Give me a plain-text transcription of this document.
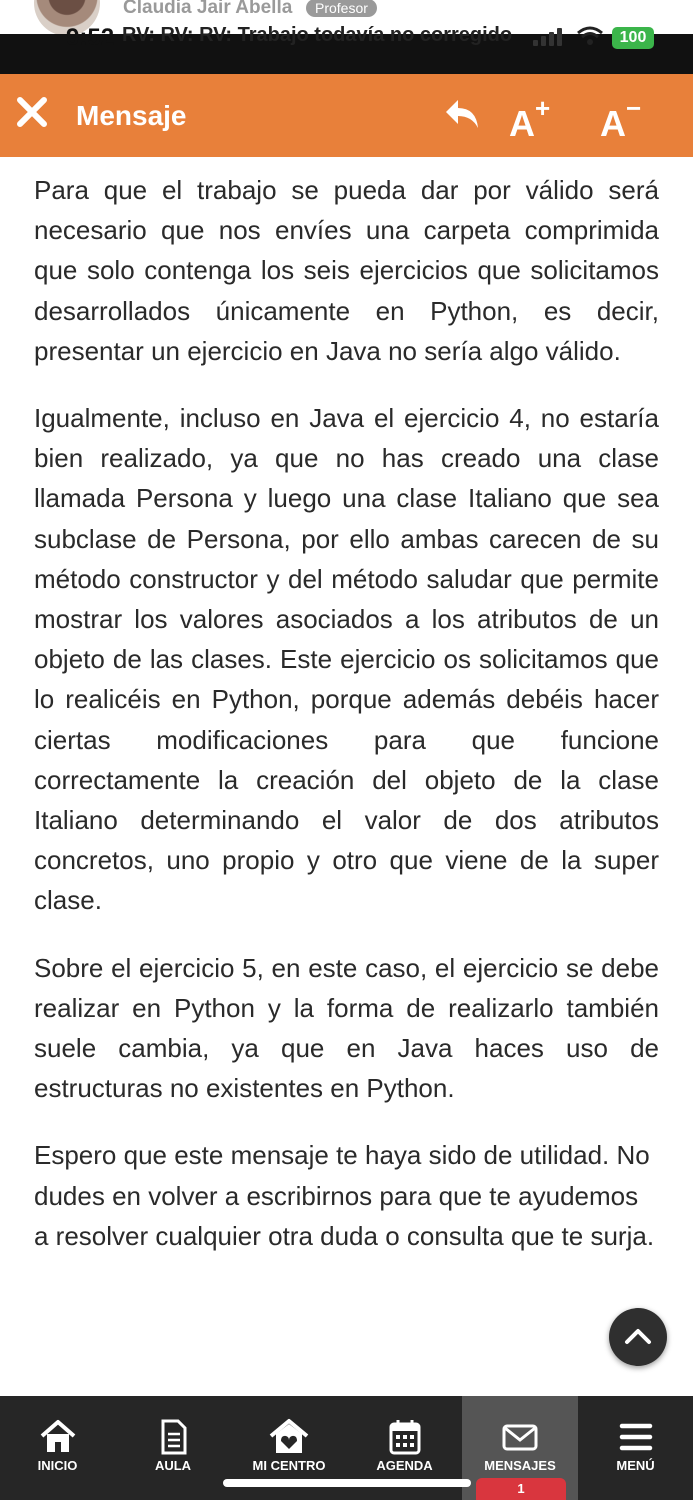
Claudia Jair Abella	Profesor
9:52 RV: RV: RV: Trabajo todavía no corregido	100
Mensaje	A+ A−

Para que el trabajo se pueda dar por válido será necesario que nos envíes una carpeta comprimida que solo contenga los seis ejercicios que solicitamos desarrollados únicamente en Python, es decir, presentar un ejercicio en Java no sería algo válido.

Igualmente, incluso en Java el ejercicio 4, no estaría bien realizado, ya que no has creado una clase llamada Persona y luego una clase Italiano que sea subclase de Persona, por ello ambas carecen de su método constructor y del método saludar que permite mostrar los valores asociados a los atributos de un objeto de las clases. Este ejercicio os solicitamos que lo realicéis en Python, porque además debéis hacer ciertas modificaciones para que funcione correctamente la creación del objeto de la clase Italiano determinando el valor de dos atributos concretos, uno propio y otro que viene de la super clase.

Sobre el ejercicio 5, en este caso, el ejercicio se debe realizar en Python y la forma de realizarlo también suele cambia, ya que en Java haces uso de estructuras no existentes en Python.

Espero que este mensaje te haya sido de utilidad. No dudes en volver a escribirnos para que te ayudemos a resolver cualquier otra duda o consulta que te surja.

INICIO	AULA	MI CENTRO	AGENDA	MENSAJES
1
MENÚ
